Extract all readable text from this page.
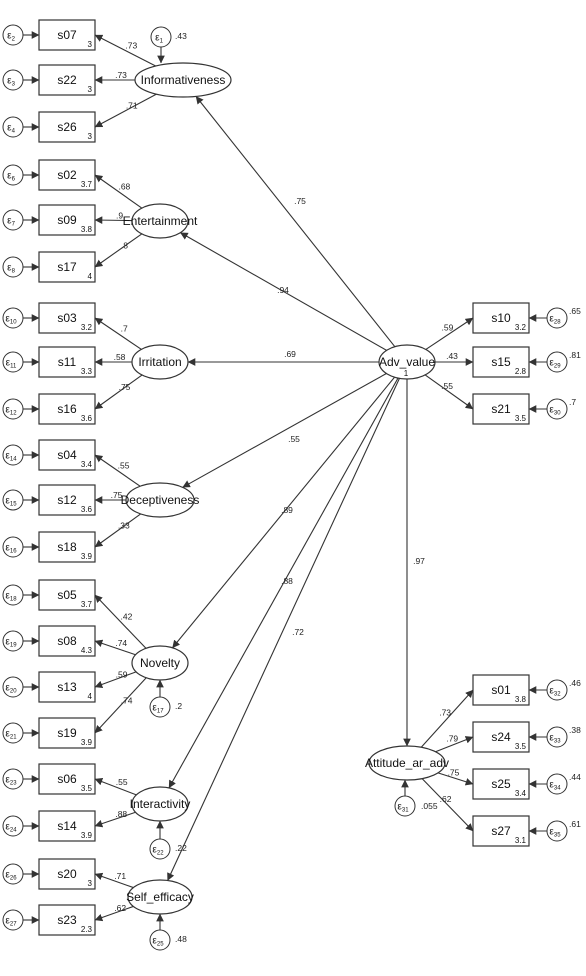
.75
.94
.69
.55
.89
.88
.72
.97
s07
3
$\varepsilon_2$
.73
s22
3
$\varepsilon_3$
.73
s26
3
$\varepsilon_4$
.71
s02
3.7
$\varepsilon_6$
.68
s09
3.8
$\varepsilon_7$
.9
s17
4
$\varepsilon_8$
.8
s03
3.2
$\varepsilon_{10}$
.7
s11
3.3
$\varepsilon_{11}$
.58
s16
3.6
$\varepsilon_{12}$
.75
s04
3.4
$\varepsilon_{14}$
.55
s12
3.6
$\varepsilon_{15}$
.75
s18
3.9
$\varepsilon_{16}$
.33
s05
3.7
$\varepsilon_{18}$
.42
s08
4.3
$\varepsilon_{19}$	.74
s13
4
$\varepsilon_{20}$
.59
s19
3.9
$\varepsilon_{21}$
.74
s06
3.5
$\varepsilon_{23}$	.55
s14
3.9
$\varepsilon_{24}$
.88
s20
3
$\varepsilon_{26}$	.71
s23
2.3
$\varepsilon_{27}$
.62
s10
3.2
$\varepsilon_{28}$
.65
.59
s15
2.8
$\varepsilon_{29}$
.81
.43
s21
3.5
$\varepsilon_{30}$
.7
.55
s01
3.8
$\varepsilon_{32}$
.46
.73
s24
3.5
$\varepsilon_{33}$
.38
.79
s25
3.4
$\varepsilon_{34}$
.44
.75
s27
3.1
$\varepsilon_{35}$
.61
.62
Informativeness
Entertainment
Irritation
Deceptiveness
Novelty
Interactivity
Self_efficacy
Adv_value
Attitude_ar_adv
1
$\varepsilon_1$
.43
$\varepsilon_{17}$
.2
$\varepsilon_{22}$
.22
$\varepsilon_{25}$
.48
$\varepsilon_{31}$ .055
